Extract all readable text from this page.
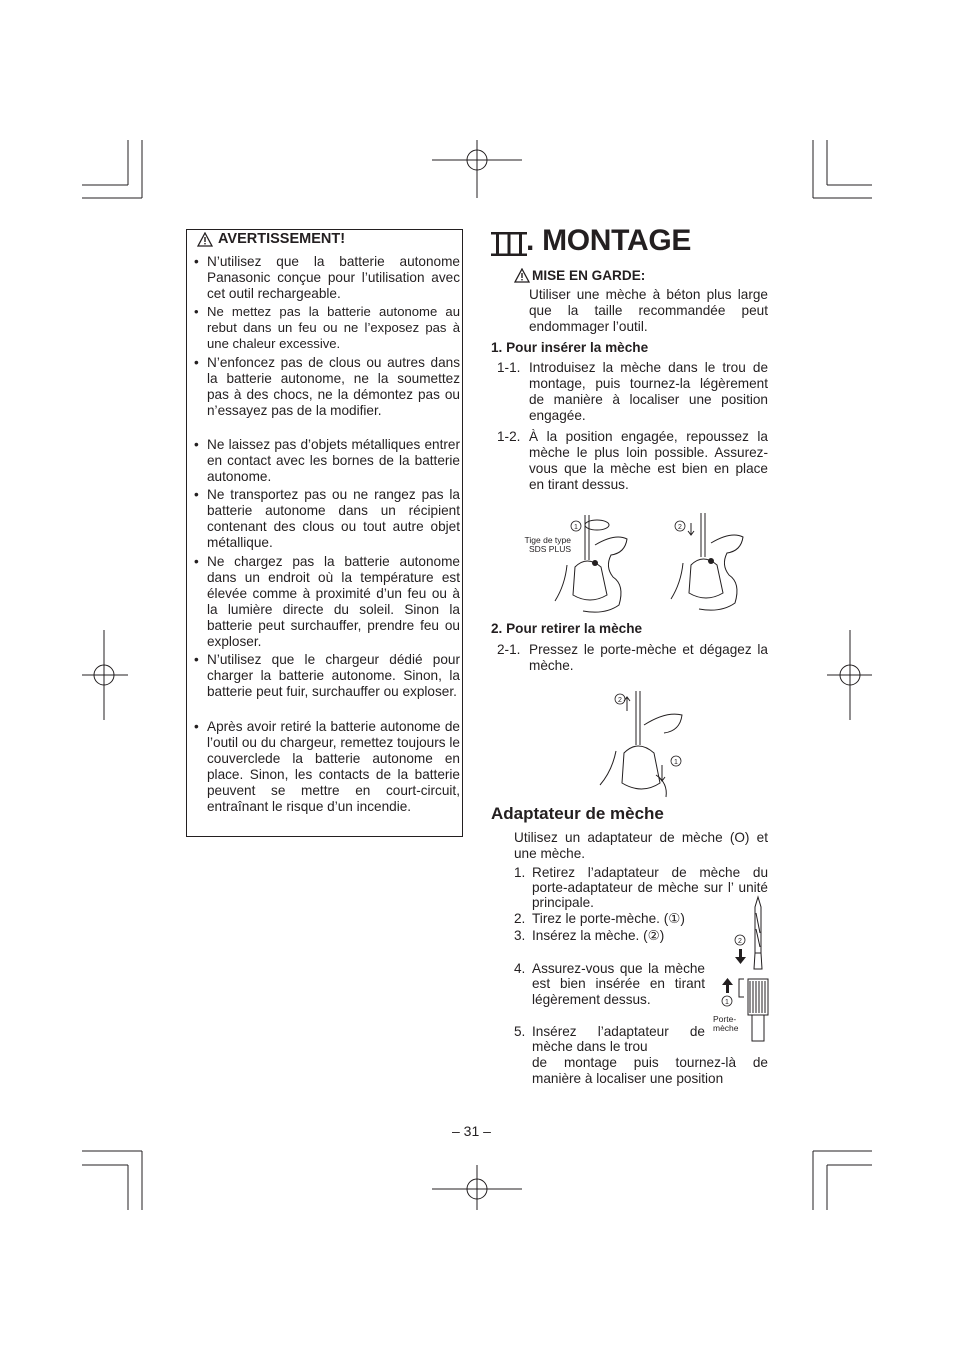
AVERTISSEMENT!
• N’utilisez que la batterie autonome Panasonic conçue pour l’utilisation avec cet outil rechargeable.
• Ne mettez pas la batterie autonome au rebut dans un feu ou ne l’exposez pas à une chaleur excessive.
• N’enfoncez pas de clous ou autres dans la batterie autonome, ne la soumettez pas à des chocs, ne la démontez pas ou n’essayez pas de la modifier.
• Ne laissez pas d’objets métalliques entrer en contact avec les bornes de la batterie autonome.
• Ne transportez pas ou ne rangez pas la batterie autonome dans un récipient contenant des clous ou tout autre objet métallique.
• Ne chargez pas la batterie autonome dans un endroit où la température est élevée comme à proximité d’un feu ou à la lumière directe du soleil. Sinon la batterie peut surchauffer, prendre feu ou exploser.
• N’utilisez que le chargeur dédié pour charger la batterie autonome. Sinon, la batterie peut fuir, surchauffer ou exploser.
• Après avoir retiré la batterie autonome de l’outil ou du chargeur, remettez toujours le couverclede la batterie autonome en place. Sinon, les contacts de la batterie peuvent se mettre en court-circuit, entraînant le risque d’un incendie.
. MONTAGE
MISE EN GARDE:
Utiliser une mèche à béton plus large que la taille recommandée peut endommager l’outil.
1. Pour insérer la mèche
1-1. Introduisez la mèche dans le trou de montage, puis tournez-la légèrement de manière à localiser une position engagée.
1-2. À la position engagée, repoussez la mèche le plus loin possible. Assurez-vous que la mèche est bien en place en tirant dessus.
1	2
Tige de type
SDS PLUS
2. Pour retirer la mèche
2-1. Pressez le porte-mèche et dégagez la mèche.
2
1
Adaptateur de mèche
Utilisez un adaptateur de mèche (O) et une mèche.
1. Retirez l’adaptateur de mèche du porte-adaptateur de mèche sur l’ unité principale.
2. Tirez le porte-mèche. (①)
3. Insérez la mèche. (②)
4. Assurez-vous que la mèche est bien insérée en tirant légèrement dessus.
5. Insérez l’adaptateur de mèche dans le trou
de montage puis tournez-là de manière à localiser une position
2
1
Porte-
mèche
– 31 –
